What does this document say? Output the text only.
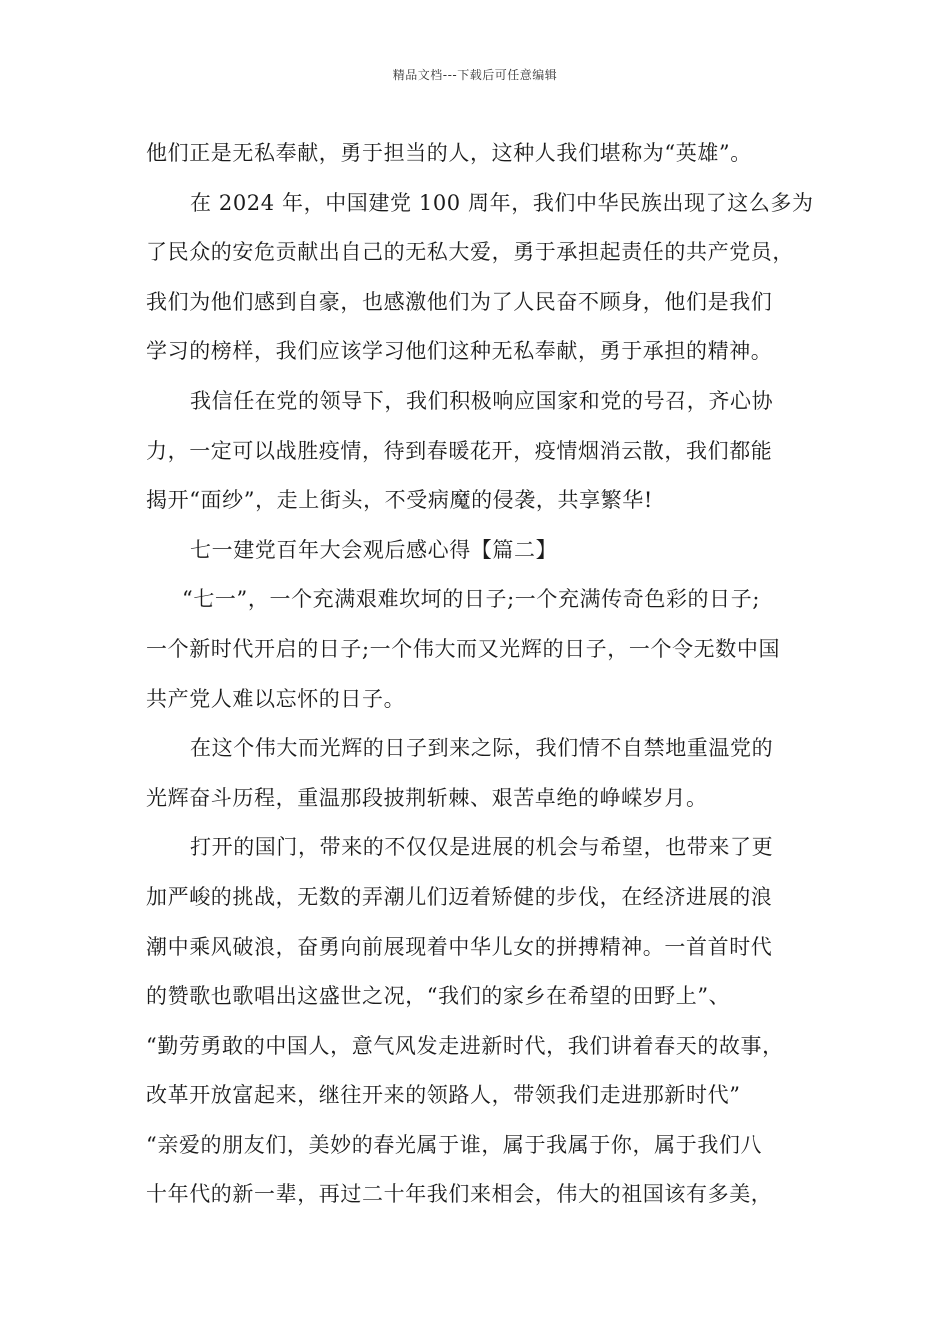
精品文档---下载后可任意编辑
他们正是无私奉献，勇于担当的人，这种人我们堪称为“英雄”。
在 2024 年，中国建党 100 周年，我们中华民族出现了这么多为
了民众的安危贡献出自己的无私大爱，勇于承担起责任的共产党员，
我们为他们感到自豪，也感激他们为了人民奋不顾身，他们是我们
学习的榜样，我们应该学习他们这种无私奉献，勇于承担的精神。
我信任在党的领导下，我们积极响应国家和党的号召，齐心协
力，一定可以战胜疫情，待到春暖花开，疫情烟消云散，我们都能
揭开“面纱”，走上街头，不受病魔的侵袭，共享繁华!
七一建党百年大会观后感心得【篇二】
“七一”，一个充满艰难坎坷的日子;一个充满传奇色彩的日子;
一个新时代开启的日子;一个伟大而又光辉的日子，一个令无数中国
共产党人难以忘怀的日子。
在这个伟大而光辉的日子到来之际，我们情不自禁地重温党的
光辉奋斗历程，重温那段披荆斩棘、艰苦卓绝的峥嵘岁月。
打开的国门，带来的不仅仅是进展的机会与希望，也带来了更
加严峻的挑战，无数的弄潮儿们迈着矫健的步伐，在经济进展的浪
潮中乘风破浪，奋勇向前展现着中华儿女的拼搏精神。一首首时代
的赞歌也歌唱出这盛世之况，“我们的家乡在希望的田野上”、
“勤劳勇敢的中国人，意气风发走进新时代，我们讲着春天的故事，
改革开放富起来，继往开来的领路人，带领我们走进那新时代”
“亲爱的朋友们，美妙的春光属于谁，属于我属于你，属于我们八
十年代的新一辈，再过二十年我们来相会，伟大的祖国该有多美，
